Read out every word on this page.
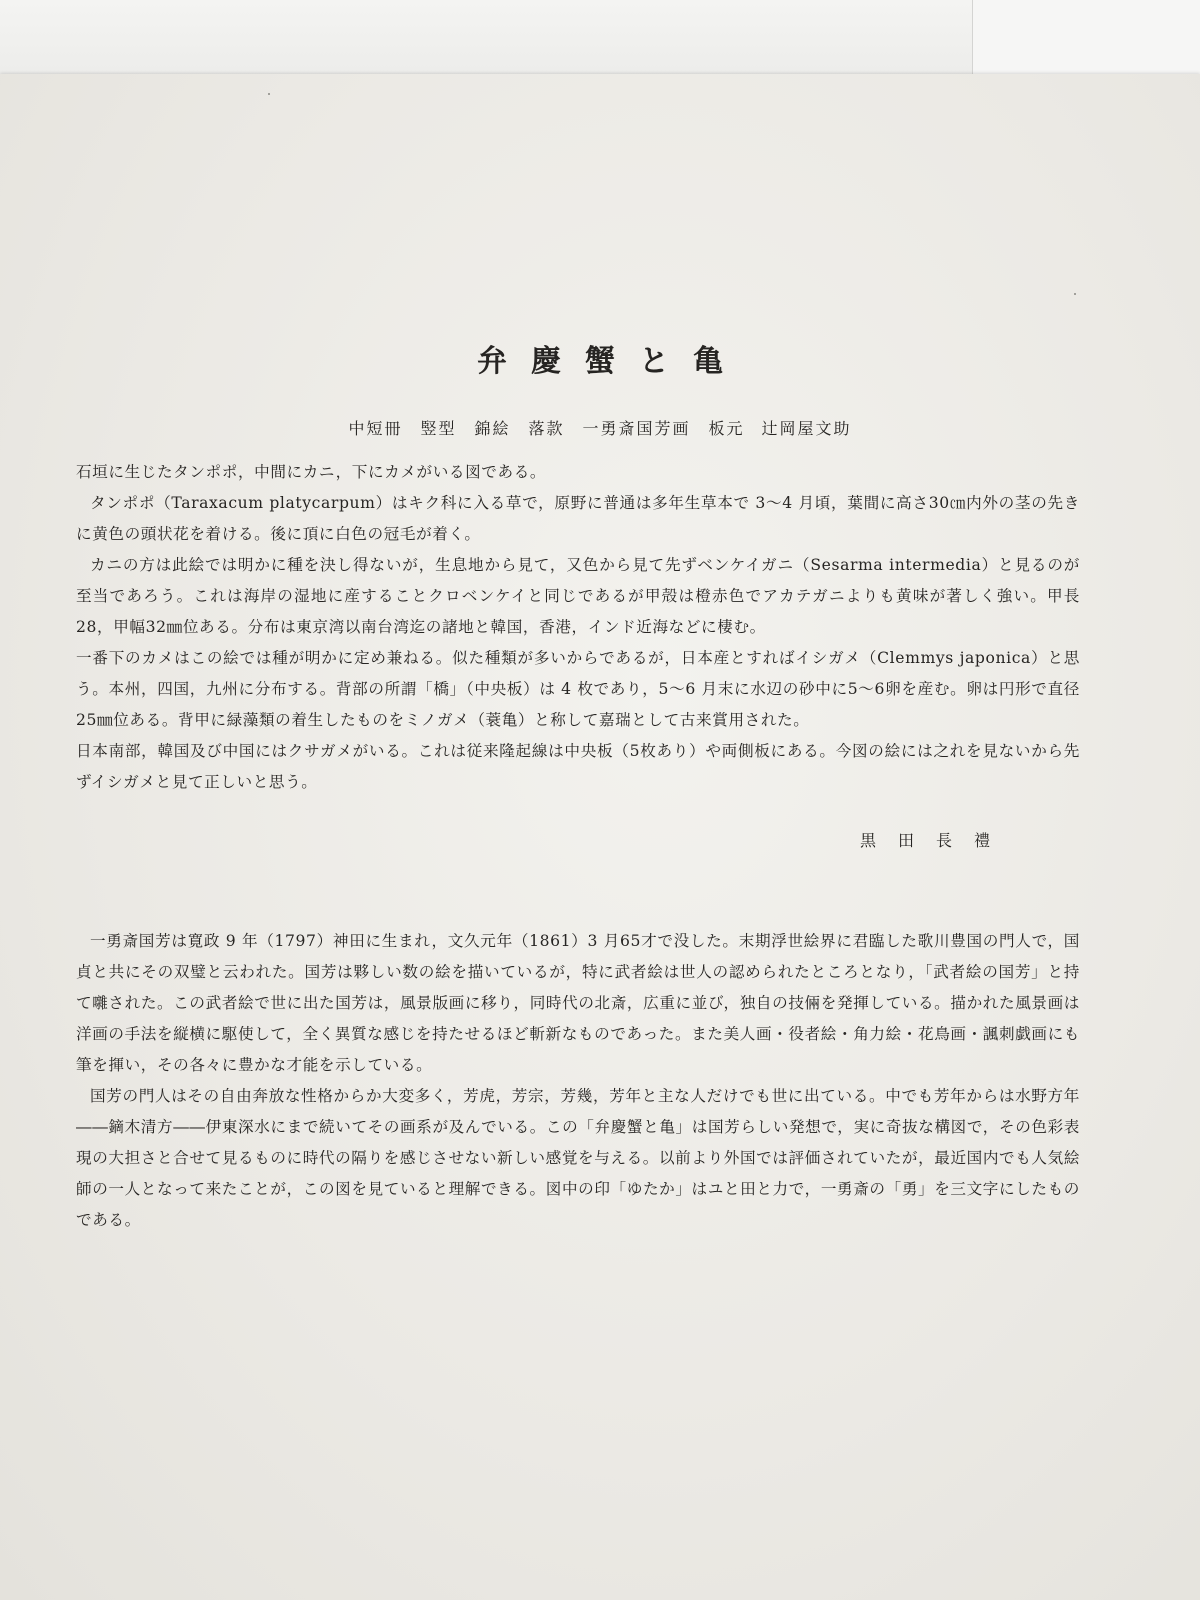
弁慶蟹と亀
中短冊　竪型　錦絵　落款　一勇斎国芳画　板元 辻岡屋文助

石垣に生じたタンポポ，中間にカニ，下にカメがいる図である。

タンポポ（Taraxacum platycarpum）はキク科に入る草で，原野に普通は多年生草本で 3～4 月頃，葉間に高さ30㎝内外の茎の先きに黄色の頭状花を着ける。後に頂に白色の冠毛が着く。

カニの方は此絵では明かに種を決し得ないが，生息地から見て，又色から見て先ずベンケイガニ（Sesarma intermedia）と見るのが至当であろう。これは海岸の湿地に産することクロベンケイと同じであるが甲殻は橙赤色でアカテガニよりも黄味が著しく強い。甲長28，甲幅32㎜位ある。分布は東京湾以南台湾迄の諸地と韓国，香港，インド近海などに棲む。

一番下のカメはこの絵では種が明かに定め兼ねる。似た種類が多いからであるが，日本産とすればイシガメ（Clemmys japonica）と思う。本州，四国，九州に分布する。背部の所謂「橋」（中央板）は 4 枚であり，5～6 月末に水辺の砂中に5～6卵を産む。卵は円形で直径25㎜位ある。背甲に緑藻類の着生したものをミノガメ（蓑亀）と称して嘉瑞として古来賞用された。

日本南部，韓国及び中国にはクサガメがいる。これは従来隆起線は中央板（5枚あり）や両側板にある。今図の絵には之れを見ないから先ずイシガメと見て正しいと思う。

黒田長禮

一勇斎国芳は寛政 9 年（1797）神田に生まれ，文久元年（1861）3 月65才で没した。末期浮世絵界に君臨した歌川豊国の門人で，国貞と共にその双璧と云われた。国芳は夥しい数の絵を描いているが，特に武者絵は世人の認められたところとなり，「武者絵の国芳」と持て囃された。この武者絵で世に出た国芳は，風景版画に移り，同時代の北斎，広重に並び，独自の技倆を発揮している。描かれた風景画は洋画の手法を縦横に駆使して，全く異質な感じを持たせるほど斬新なものであった。また美人画・役者絵・角力絵・花鳥画・諷刺戯画にも筆を揮い，その各々に豊かな才能を示している。

国芳の門人はその自由奔放な性格からか大変多く，芳虎，芳宗，芳幾，芳年と主な人だけでも世に出ている。中でも芳年からは水野方年――鏑木清方――伊東深水にまで続いてその画系が及んでいる。この「弁慶蟹と亀」は国芳らしい発想で，実に奇抜な構図で，その色彩表現の大担さと合せて見るものに時代の隔りを感じさせない新しい感覚を与える。以前より外国では評価されていたが，最近国内でも人気絵師の一人となって来たことが，この図を見ていると理解できる。図中の印「ゆたか」はユと田と力で，一勇斎の「勇」を三文字にしたものである。
